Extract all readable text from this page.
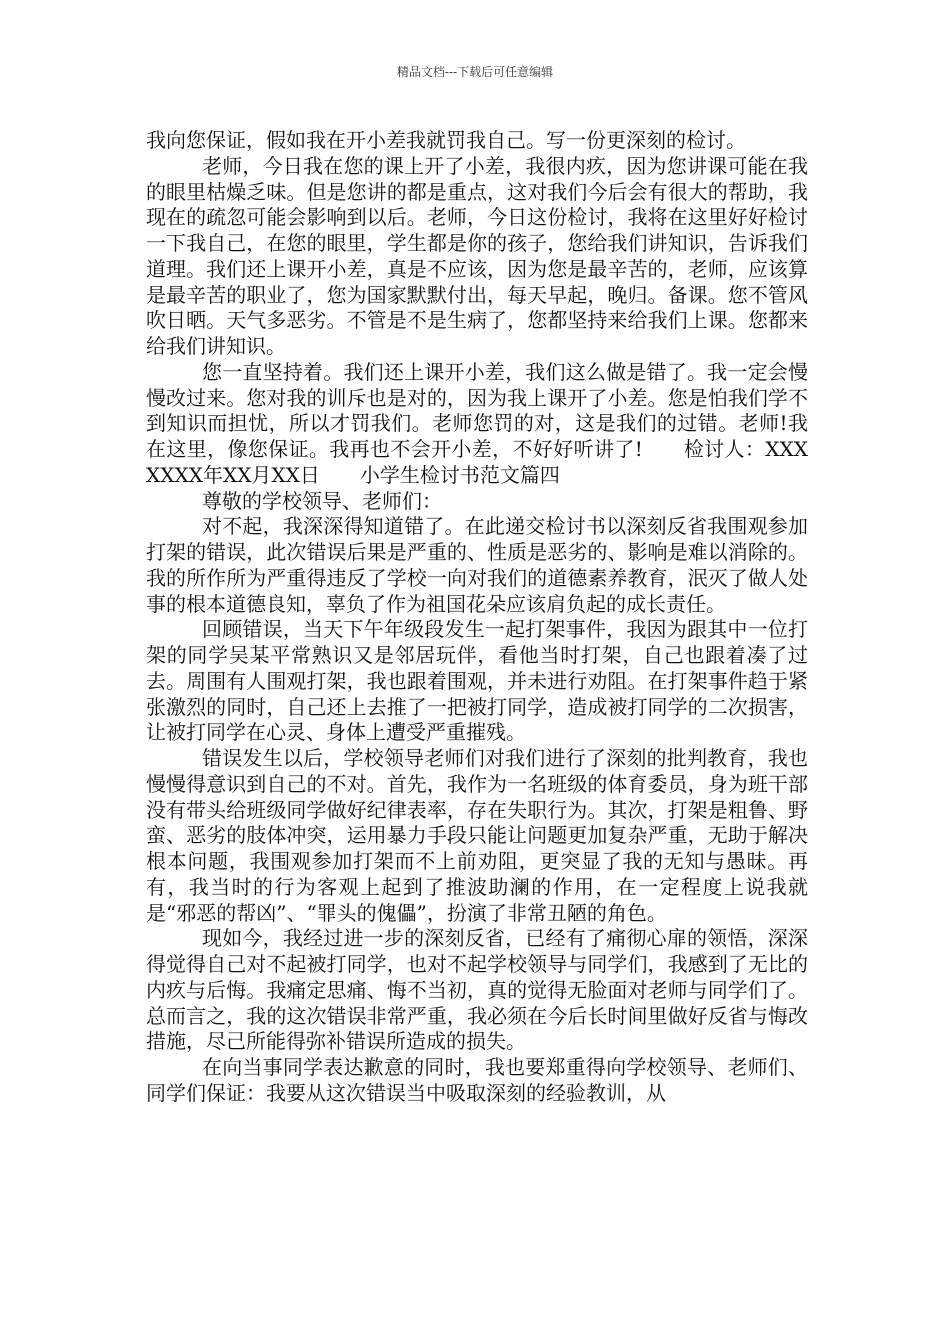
精品文档---下载后可任意编辑

我向您保证，假如我在开小差我就罚我自己。写一份更深刻的检讨。

老师，今日我在您的课上开了小差，我很内疚，因为您讲课可能在我的眼里枯燥乏味。但是您讲的都是重点，这对我们今后会有很大的帮助，我现在的疏忽可能会影响到以后。老师，今日这份检讨，我将在这里好好检讨一下我自己，在您的眼里，学生都是你的孩子，您给我们讲知识，告诉我们道理。我们还上课开小差，真是不应该，因为您是最辛苦的，老师，应该算是最辛苦的职业了，您为国家默默付出，每天早起，晚归。备课。您不管风吹日晒。天气多恶劣。不管是不是生病了，您都坚持来给我们上课。您都来给我们讲知识。

您一直坚持着。我们还上课开小差，我们这么做是错了。我一定会慢慢改过来。您对我的训斥也是对的，因为我上课开了小差。您是怕我们学不到知识而担忧，所以才罚我们。老师您罚的对，这是我们的过错。老师!我在这里，像您保证。我再也不会开小差，不好好听讲了!　　检讨人：XXX　　XXXX年XX月XX日　　小学生检讨书范文篇四

尊敬的学校领导、老师们：

对不起，我深深得知道错了。在此递交检讨书以深刻反省我围观参加打架的错误，此次错误后果是严重的、性质是恶劣的、影响是难以消除的。我的所作所为严重得违反了学校一向对我们的道德素养教育，泯灭了做人处事的根本道德良知，辜负了作为祖国花朵应该肩负起的成长责任。

回顾错误，当天下午年级段发生一起打架事件，我因为跟其中一位打架的同学吴某平常熟识又是邻居玩伴，看他当时打架，自己也跟着凑了过去。周围有人围观打架，我也跟着围观，并未进行劝阻。在打架事件趋于紧张激烈的同时，自己还上去推了一把被打同学，造成被打同学的二次损害，让被打同学在心灵、身体上遭受严重摧残。

错误发生以后，学校领导老师们对我们进行了深刻的批判教育，我也慢慢得意识到自己的不对。首先，我作为一名班级的体育委员，身为班干部没有带头给班级同学做好纪律表率，存在失职行为。其次，打架是粗鲁、野蛮、恶劣的肢体冲突，运用暴力手段只能让问题更加复杂严重，无助于解决根本问题，我围观参加打架而不上前劝阻，更突显了我的无知与愚昧。再有，我当时的行为客观上起到了推波助澜的作用，在一定程度上说我就是“邪恶的帮凶”、“罪头的傀儡”，扮演了非常丑陋的角色。

现如今，我经过进一步的深刻反省，已经有了痛彻心扉的领悟，深深得觉得自己对不起被打同学，也对不起学校领导与同学们，我感到了无比的内疚与后悔。我痛定思痛、悔不当初，真的觉得无脸面对老师与同学们了。总而言之，我的这次错误非常严重，我必须在今后长时间里做好反省与悔改措施，尽己所能得弥补错误所造成的损失。

在向当事同学表达歉意的同时，我也要郑重得向学校领导、老师们、同学们保证：我要从这次错误当中吸取深刻的经验教训，从
